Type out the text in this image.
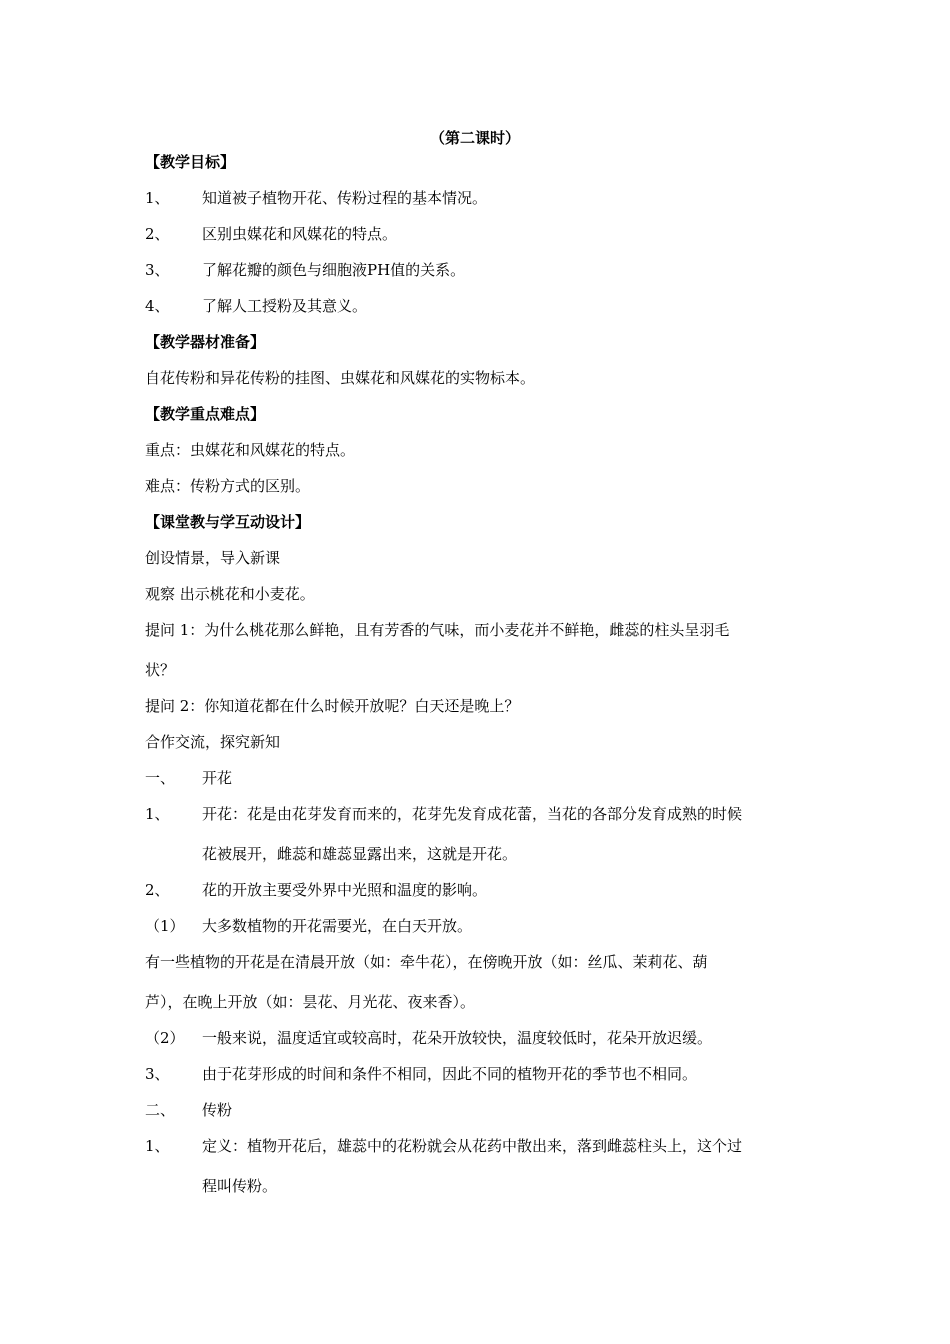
（第二课时）
【教学目标】
1、 知道被子植物开花、传粉过程的基本情况。
2、 区别虫媒花和风媒花的特点。
3、 了解花瓣的颜色与细胞液PH值的关系。
4、 了解人工授粉及其意义。
【教学器材准备】
自花传粉和异花传粉的挂图、虫媒花和风媒花的实物标本。
【教学重点难点】
重点：虫媒花和风媒花的特点。
难点：传粉方式的区别。
【课堂教与学互动设计】
创设情景，导入新课
观察 出示桃花和小麦花。
提问 1：为什么桃花那么鲜艳，且有芳香的气味，而小麦花并不鲜艳，雌蕊的柱头呈羽毛
状？
提问 2：你知道花都在什么时候开放呢？白天还是晚上？
合作交流，探究新知
一、 开花
1、 开花：花是由花芽发育而来的，花芽先发育成花蕾，当花的各部分发育成熟的时候
花被展开，雌蕊和雄蕊显露出来，这就是开花。
2、 花的开放主要受外界中光照和温度的影响。
（1） 大多数植物的开花需要光，在白天开放。
有一些植物的开花是在清晨开放（如：牵牛花），在傍晚开放（如：丝瓜、茉莉花、葫
芦），在晚上开放（如：昙花、月光花、夜来香）。
（2） 一般来说，温度适宜或较高时，花朵开放较快，温度较低时，花朵开放迟缓。
3、 由于花芽形成的时间和条件不相同，因此不同的植物开花的季节也不相同。
二、 传粉
1、 定义：植物开花后，雄蕊中的花粉就会从花药中散出来，落到雌蕊柱头上，这个过
程叫传粉。
